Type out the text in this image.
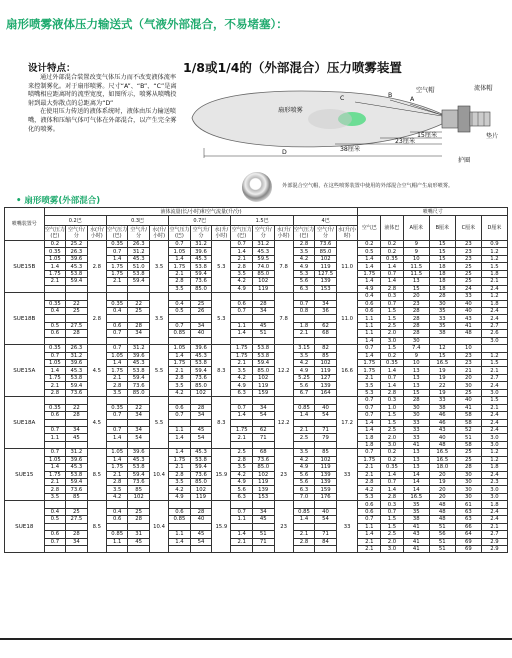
扇形喷雾液体压力输送式（气液外部混合，不易堵塞）：
设计特点：

通过外部混合装置改变气体压力而不改变液体流率来控制雾化。对于扇形喷雾。尺寸“A”、“B”、“C”是离喷嘴相应距离时的流型宽度，如图所示，喷雾从喷嘴投射到最大弥散点的总距离为“D”

在使用压力传送的液体系统时，液体由压力输送喷嘴，液体和压缩气体可气体在外部混合，以产生完全雾化的喷雾。

1/8或1/4的（外部混合）压力喷雾装置
扇形喷雾
C	B
A
空气帽	流体帽
垫片
护圈
D	38厘米
23厘米
15厘米
外部混合空气帽，在这些喷雾装置中使用的外部混合空气帽产生扇形喷雾。
• 扇形喷雾(外部混合)
喷嘴装置号	液体流量(长/小时)和空气流量(升/分)															喷嘴尺寸					
	0.2巴			0.3巴			0.7巴			1.5巴			4巴			空气巴	液体巴	A厘米	B厘米	C厘米	D厘米
	空气压力(巴)	空气升/分	水(升/小时)	空气压力(巴)	空气升/分	水(升/小时)	空气压力(巴)	空气升/分	水(升/小时)	空气压力(巴)	空气升/分	水(升/小时)	空气压力(巴)	空气升/分	水(升/小时)						
SUE15B	0.2	25.2	2.8	0.35	26.3	3.5	0.7	31.2	5.3	0.7	31.2	7.8	2.8	73.6	11.0	0.2	0.2	9	15	23	0.9
	0.35	26.3		0.7	31.2		1.05	39.6		1.4	45.3		3.5	85.0		0.5	0.2	9	15	23	1.2
	1.05	39.6		1.4	45.3		1.4	45.3		2.1	59.5		4.2	102		1.4	0.35	10	15	23	1.2
	1.4	45.3		1.75	51.0		1.75	53.8		2.8	74.0		4.9	119		1.4	1.4	11.5	18	25	1.5
	1.75	53.8		1.75	53.8		2.1	59.4		3.5	85.0		5.3	127.5		1.75	0.7	11.5	18	25	1.8
	2.1	59.4		2.1	59.4		2.8	73.6		4.2	102		5.6	139		1.4	1.4	13	18	25	2.1
							3.5	85.0		4.9	119		6.3	153		4.9	2.8	15	18	24	2.4
SUE18B			2.8			3.5			5.3			7.8			11.0	0.4	0.3	20	28	33	1.2
	0.35	22		0.35	22		0.4	25		0.6	28		0.7	34		0.6	0.7	23	30	40	1.8
	0.4	25		0.4	25		0.5	26		0.7	34		0.8	36		0.6	1.5	28	35	40	2.4
																1.1	1.5	28	33	43	2.4
	0.5	27.5		0.6	28		0.7	34		1.1	45		1.8	62		1.1	2.5	28	35	41	2.7
	0.6	28		0.7	34		0.85	40		1.4	51		2.1	68		1.1	2.0	28	38	48	2.6
																1.4	3.0	30			3.0
SUE15A	0.35	26.3	4.5	0.7	31.2	5.5	1.05	39.6	8.3	1.75	53.8	12.2	3.15	82	16.6	0.7	1.5	7.4	12	10	
	0.7	31.2		1.05	39.6		1.4	45.3		1.75	53.8		3.5	85		1.4	0.2	9	15	23	1.2
	1.05	39.6		1.4	45.3		1.75	53.8		2.1	59.4		4.2	102		1.75	0.35	10	16.5	23	1.5
	1.4	45.3		1.75	53.8		2.1	59.4		3.5	85.0		4.9	119		1.75	1.4	13	19	21	2.1
	1.75	53.8		2.1	59.4		2.8	73.6		4.2	102		5.25	127		2.1	0.7	13	19	20	2.7
	2.1	59.4		2.8	73.6		3.5	85.0		4.9	119		5.6	139		3.5	1.4	13	22	30	2.4
	2.8	73.6		3.5	85.0		4.2	102		6.3	159		6.7	164		5.3	2.8	15	19	25	3.0
SUE18A			4.5			5.5			8.3			12.2			17.2	0.7	0.3	28	33	40	1.5
	0.35	22		0.35	22		0.6	28		0.7	34		0.85	40		0.7	1.0	30	38	41	2.1
	0.6	28		0.7	34		0.7	34		1.4	54		1.4	54		0.7	1.5	30	46	58	2.4
																1.4	1.5	33	46	58	2.4
	0.7	34		0.7	34		1.1	45		1.75	62		2.1	71		1.4	2.5	33	43	52	2.4
	1.1	45		1.4	54		1.4	54		2.1	71		2.5	79		1.8	2.0	33	40	51	3.0
																1.8	3.0	41	48	58	3.0
SUE15	0.7	31.2	8.5	1.05	39.6	10.4	1.4	45.3	15.9	2.5	68	23	3.5	85	33	0.7	0.2	13	16.5	25	1.2
	1.05	39.6		1.4	45.3		1.75	53.8		2.8	73.6		4.2	102		1.75	0.2	13	16.5	25	1.2
	1.4	45.3		1.75	53.8		2.1	59.4		3.5	85.0		4.9	119		2.1	0.35	13	18.0	28	1.8
	1.75	53.8		2.1	59.4		2.8	73.6		4.2	102		5.6	139		2.1	1.4	14	20	30	2.4
	2.1	59.4		2.8	73.6		3.5	85.0		4.9	119		5.6	139		2.8	0.7	14	19	30	2.3
	2.8	73.6		3.5	85		4.2	102		5.6	139		6.3	159		4.2	1.4	14	20	30	3.0
	3.5	85		4.2	102		4.9	119		6.3	153		7.0	176		5.3	2.8	16.5	20	30	3.0
SUE18			8.5			10.4			15.9			23			33	0.6	0.3	35	48	61	1.8
	0.4	25		0.4	25		0.6	28		0.7	34		0.85	40		0.6	0.7	35	48	63	2.4
	0.5	27.5		0.6	28		0.85	40		1.1	45		1.4	54		0.7	1.5	38	48	63	2.4
																1.1	1.5	41	51	66	2.1
	0.6	28		0.85	31		1.1	45		1.4	51		2.1	71		1.4	2.5	43	56	64	2.7
	0.7	34		1.1	45		1.4	54		2.1	71		2.8	84		2.1	2.0	41	51	69	2.9
																2.1	3.0	41	51	69	2.9
